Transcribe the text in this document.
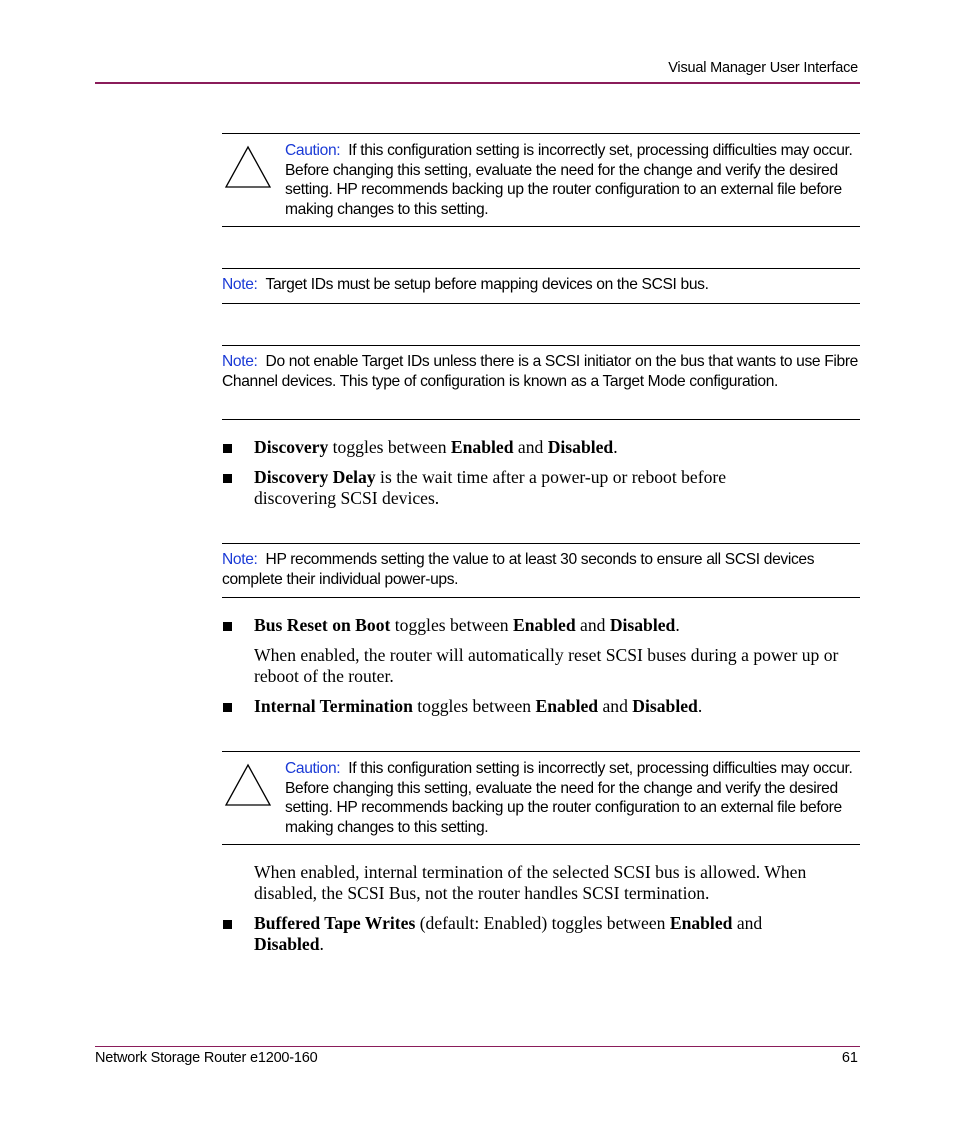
Visual Manager User Interface
Caution: If this configuration setting is incorrectly set, processing difficulties may occur. Before changing this setting, evaluate the need for the change and verify the desired setting. HP recommends backing up the router configuration to an external file before making changes to this setting.
Note: Target IDs must be setup before mapping devices on the SCSI bus.
Note: Do not enable Target IDs unless there is a SCSI initiator on the bus that wants to use Fibre Channel devices. This type of configuration is known as a Target Mode configuration.
Discovery toggles between Enabled and Disabled.
Discovery Delay is the wait time after a power-up or reboot before discovering SCSI devices.
Note: HP recommends setting the value to at least 30 seconds to ensure all SCSI devices complete their individual power-ups.
Bus Reset on Boot toggles between Enabled and Disabled.
When enabled, the router will automatically reset SCSI buses during a power up or reboot of the router.
Internal Termination toggles between Enabled and Disabled.
Caution: If this configuration setting is incorrectly set, processing difficulties may occur. Before changing this setting, evaluate the need for the change and verify the desired setting. HP recommends backing up the router configuration to an external file before making changes to this setting.
When enabled, internal termination of the selected SCSI bus is allowed. When disabled, the SCSI Bus, not the router handles SCSI termination.
Buffered Tape Writes (default: Enabled) toggles between Enabled and Disabled.
Network Storage Router e1200-160	61
